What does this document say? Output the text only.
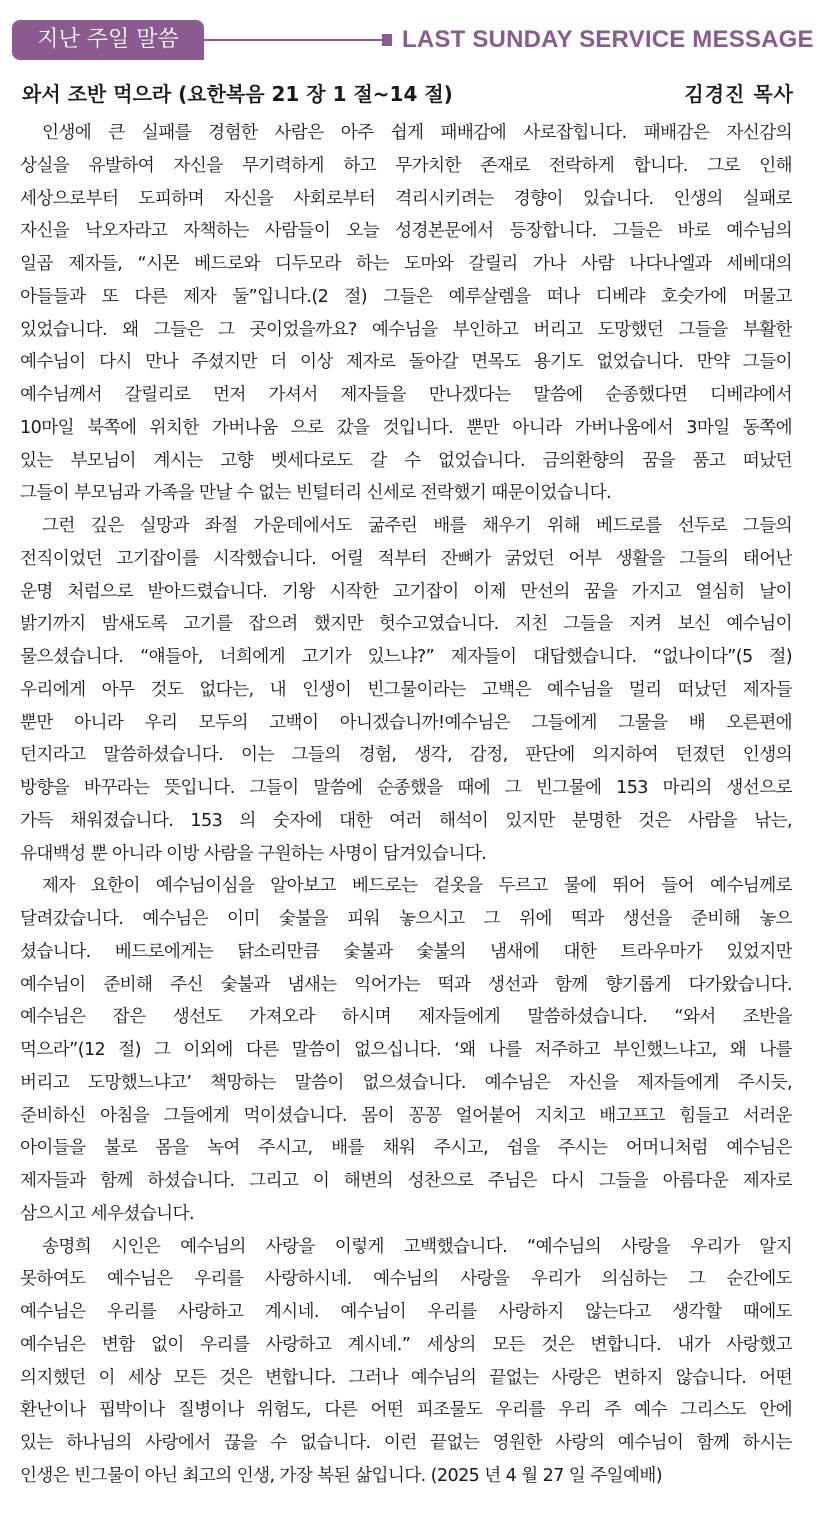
지난 주일 말씀	LAST SUNDAY SERVICE MESSAGE
와서 조반 먹으라 (요한복음 21 장 1 절~14 절)	김경진 목사
인생에 큰 실패를 경험한 사람은 아주 쉽게 패배감에 사로잡힙니다. 패배감은 자신감의
상실을 유발하여 자신을 무기력하게 하고 무가치한 존재로 전락하게 합니다. 그로 인해
세상으로부터 도피하며 자신을 사회로부터 격리시키려는 경향이 있습니다. 인생의 실패로
자신을 낙오자라고 자책하는 사람들이 오늘 성경본문에서 등장합니다. 그들은 바로 예수님의
일곱 제자들, “시몬 베드로와 디두모라 하는 도마와 갈릴리 가나 사람 나다나엘과 세베대의
아들들과 또 다른 제자 둘”입니다.(2 절) 그들은 예루살렘을 떠나 디베랴 호숫가에 머물고
있었습니다. 왜 그들은 그 곳이었을까요? 예수님을 부인하고 버리고 도망했던 그들을 부활한
예수님이 다시 만나 주셨지만 더 이상 제자로 돌아갈 면목도 용기도 없었습니다. 만약 그들이
예수님께서 갈릴리로 먼저 가셔서 제자들을 만나겠다는 말씀에 순종했다면 디베랴에서
10마일 북쪽에 위치한 가버나움 으로 갔을 것입니다. 뿐만 아니라 가버나움에서 3마일 동쪽에
있는 부모님이 계시는 고향 벳세다로도 갈 수 없었습니다. 금의환향의 꿈을 품고 떠났던
그들이 부모님과 가족을 만날 수 없는 빈털터리 신세로 전락했기 때문이었습니다.
그런 깊은 실망과 좌절 가운데에서도 굶주린 배를 채우기 위해 베드로를 선두로 그들의
전직이었던 고기잡이를 시작했습니다. 어릴 적부터 잔뼈가 굵었던 어부 생활을 그들의 태어난
운명 처럼으로 받아드렸습니다. 기왕 시작한 고기잡이 이제 만선의 꿈을 가지고 열심히 날이
밝기까지 밤새도록 고기를 잡으려 했지만 헛수고였습니다. 지친 그들을 지켜 보신 예수님이
물으셨습니다. “얘들아, 너희에게 고기가 있느냐?” 제자들이 대답했습니다. “없나이다”(5 절)
우리에게 아무 것도 없다는, 내 인생이 빈그물이라는 고백은 예수님을 멀리 떠났던 제자들
뿐만 아니라 우리 모두의 고백이 아니겠습니까!예수님은 그들에게 그물을 배 오른편에
던지라고 말씀하셨습니다. 이는 그들의 경험, 생각, 감정, 판단에 의지하여 던졌던 인생의
방향을 바꾸라는 뜻입니다. 그들이 말씀에 순종했을 때에 그 빈그물에 153 마리의 생선으로
가득 채워졌습니다. 153 의 숫자에 대한 여러 해석이 있지만 분명한 것은 사람을 낚는,
유대백성 뿐 아니라 이방 사람을 구원하는 사명이 담겨있습니다.
제자 요한이 예수님이심을 알아보고 베드로는 겉옷을 두르고 물에 뛰어 들어 예수님께로
달려갔습니다. 예수님은 이미 숯불을 피워 놓으시고 그 위에 떡과 생선을 준비해 놓으
셨습니다. 베드로에게는 닭소리만큼 숯불과 숯불의 냄새에 대한 트라우마가 있었지만
예수님이 준비해 주신 숯불과 냄새는 익어가는 떡과 생선과 함께 향기롭게 다가왔습니다.
예수님은 잡은 생선도 가져오라 하시며 제자들에게 말씀하셨습니다. “와서 조반을
먹으라”(12 절) 그 이외에 다른 말씀이 없으십니다. ‘왜 나를 저주하고 부인했느냐고, 왜 나를
버리고 도망했느냐고’ 책망하는 말씀이 없으셨습니다. 예수님은 자신을 제자들에게 주시듯,
준비하신 아침을 그들에게 먹이셨습니다. 몸이 꽁꽁 얼어붙어 지치고 배고프고 힘들고 서러운
아이들을 불로 몸을 녹여 주시고, 배를 채워 주시고, 쉼을 주시는 어머니처럼 예수님은
제자들과 함께 하셨습니다. 그리고 이 해변의 성찬으로 주님은 다시 그들을 아름다운 제자로
삼으시고 세우셨습니다.
송명희 시인은 예수님의 사랑을 이렇게 고백했습니다. “예수님의 사랑을 우리가 알지
못하여도 예수님은 우리를 사랑하시네. 예수님의 사랑을 우리가 의심하는 그 순간에도
예수님은 우리를 사랑하고 계시네. 예수님이 우리를 사랑하지 않는다고 생각할 때에도
예수님은 변함 없이 우리를 사랑하고 계시네.” 세상의 모든 것은 변합니다. 내가 사랑했고
의지했던 이 세상 모든 것은 변합니다. 그러나 예수님의 끝없는 사랑은 변하지 않습니다. 어떤
환난이나 핍박이나 질병이나 위험도, 다른 어떤 피조물도 우리를 우리 주 예수 그리스도 안에
있는 하나님의 사랑에서 끊을 수 없습니다. 이런 끝없는 영원한 사랑의 예수님이 함께 하시는
인생은 빈그물이 아닌 최고의 인생, 가장 복된 삶입니다. (2025 년 4 월 27 일 주일예배)
